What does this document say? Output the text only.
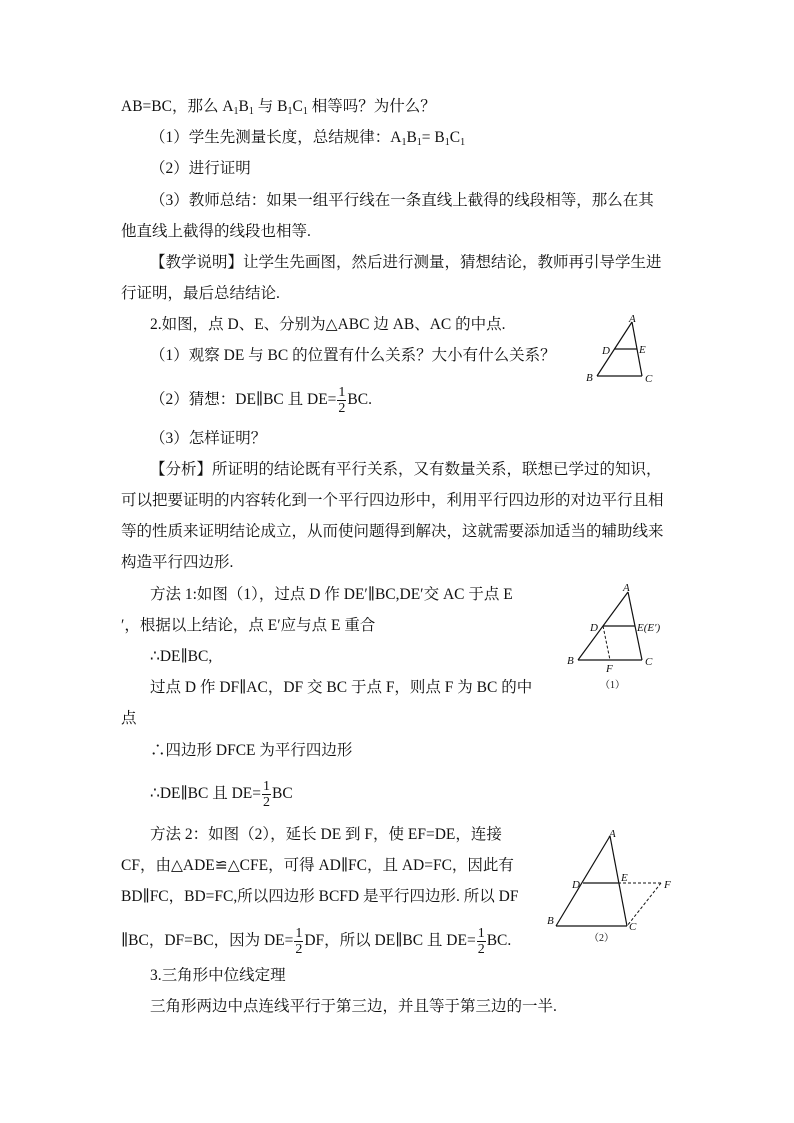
AB=BC，那么 $A_1B_1$ 与 $B_1C_1$ 相等吗？为什么？
（1）学生先测量长度，总结规律：$A_1B_1= B_1C_1$
（2）进行证明
（3）教师总结：如果一组平行线在一条直线上截得的线段相等，那么在其
他直线上截得的线段也相等.
【教学说明】让学生先画图，然后进行测量，猜想结论，教师再引导学生进
行证明，最后总结结论.
2.如图，点 D、E、分别为△ABC 边 AB、AC 的中点.
（1）观察 DE 与 BC 的位置有什么关系？大小有什么关系？
（2）猜想：DE∥BC 且 $DE= \frac{1}{2}$ BC.
（3）怎样证明？
A
D	E
B	C
【分析】所证明的结论既有平行关系，又有数量关系，联想已学过的知识，
可以把要证明的内容转化到一个平行四边形中，利用平行四边形的对边平行且相
等的性质来证明结论成立，从而使问题得到解决，这就需要添加适当的辅助线来
构造平行四边形.
方法 1:如图（1），过点 D 作 DE′∥BC,DE′交 AC 于点 E
′，根据以上结论，点 E′应与点 E 重合
∴DE∥BC,
过点 D 作 DF∥AC，DF 交 BC 于点 F，则点 F 为 BC 的中
点
∴四边形 DFCE 为平行四边形
∴DE∥BC 且 $DE= \frac{1}{2}$ BC
A
D	E(E′)
B
F
C
（1）
方法 2：如图（2），延长 DE 到 F，使 EF=DE，连接
CF，由△ADE≌△CFE，可得 AD∥FC，且 AD=FC，因此有
BD∥FC，BD=FC,所以四边形 BCFD 是平行四边形. 所以 DF
∥BC，DF=BC，因为 $DE= \frac{1}{2}$ DF，所以 DE∥BC 且 $DE= \frac{1}{2}$ BC.
A
D
E
F
B	C
（2）
3.三角形中位线定理
三角形两边中点连线平行于第三边，并且等于第三边的一半.
